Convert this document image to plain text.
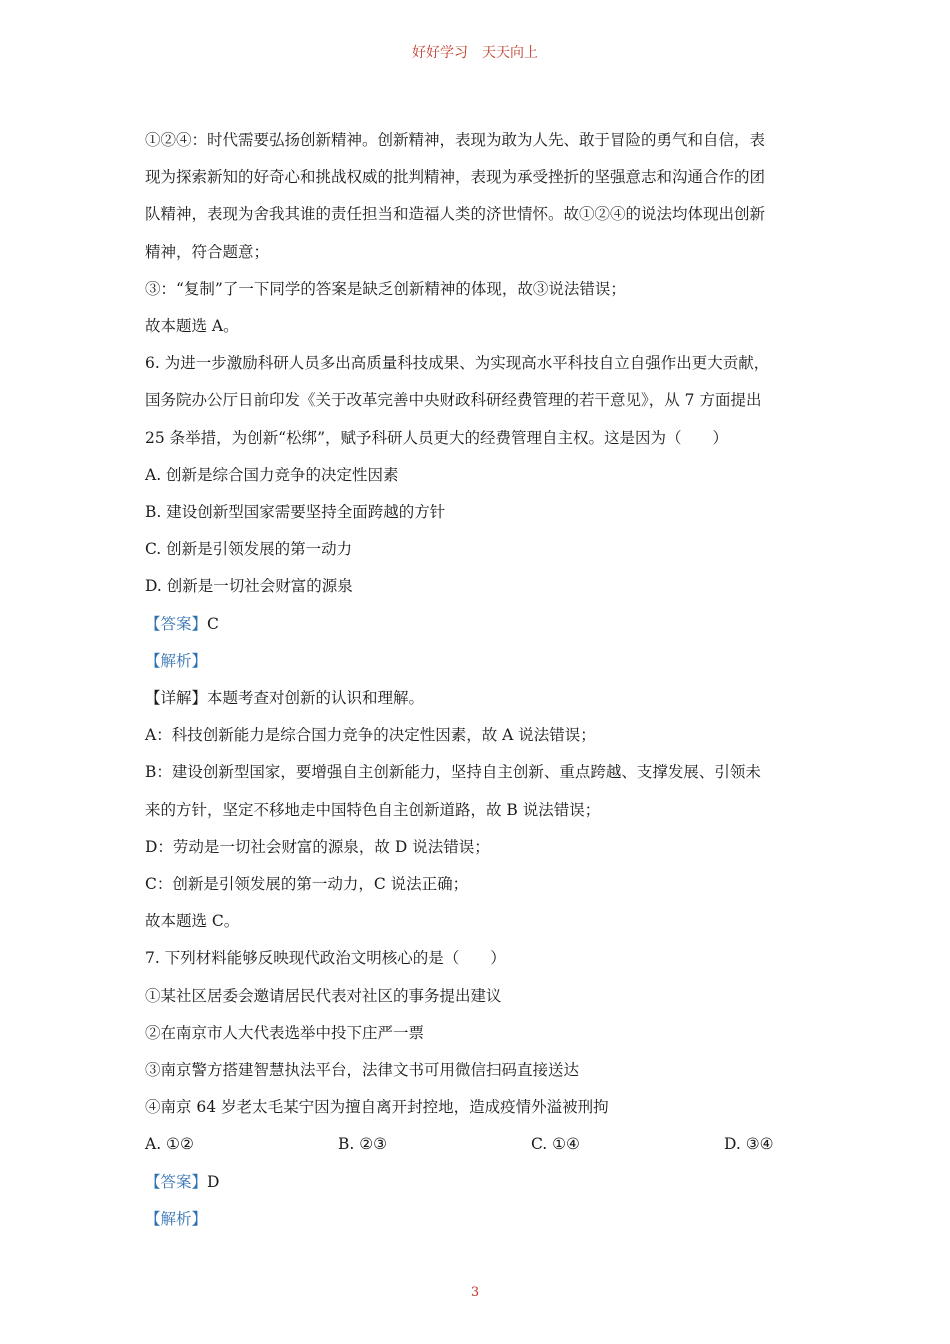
好好学习　天天向上

①②④：时代需要弘扬创新精神。创新精神，表现为敢为人先、敢于冒险的勇气和自信，表

现为探索新知的好奇心和挑战权威的批判精神，表现为承受挫折的坚强意志和沟通合作的团

队精神，表现为舍我其谁的责任担当和造福人类的济世情怀。故①②④的说法均体现出创新

精神，符合题意；

③：“复制”了一下同学的答案是缺乏创新精神的体现，故③说法错误；

故本题选 A。

6. 为进一步激励科研人员多出高质量科技成果、为实现高水平科技自立自强作出更大贡献，

国务院办公厅日前印发《关于改革完善中央财政科研经费管理的若干意见》，从 7 方面提出

25 条举措，为创新“松绑”，赋予科研人员更大的经费管理自主权。这是因为（　　）

A. 创新是综合国力竞争的决定性因素

B. 建设创新型国家需要坚持全面跨越的方针

C. 创新是引领发展的第一动力

D. 创新是一切社会财富的源泉

【答案】C

【解析】

【详解】本题考查对创新的认识和理解。

A：科技创新能力是综合国力竞争的决定性因素，故 A 说法错误；

B：建设创新型国家，要增强自主创新能力，坚持自主创新、重点跨越、支撑发展、引领未

来的方针，坚定不移地走中国特色自主创新道路，故 B 说法错误；

D：劳动是一切社会财富的源泉，故 D 说法错误；

C：创新是引领发展的第一动力，C 说法正确；

故本题选 C。

7. 下列材料能够反映现代政治文明核心的是（　　）

①某社区居委会邀请居民代表对社区的事务提出建议

②在南京市人大代表选举中投下庄严一票

③南京警方搭建智慧执法平台，法律文书可用微信扫码直接送达

④南京 64 岁老太毛某宁因为擅自离开封控地，造成疫情外溢被刑拘

A. ①②	B. ②③	C. ①④	D. ③④

【答案】D

【解析】

3
